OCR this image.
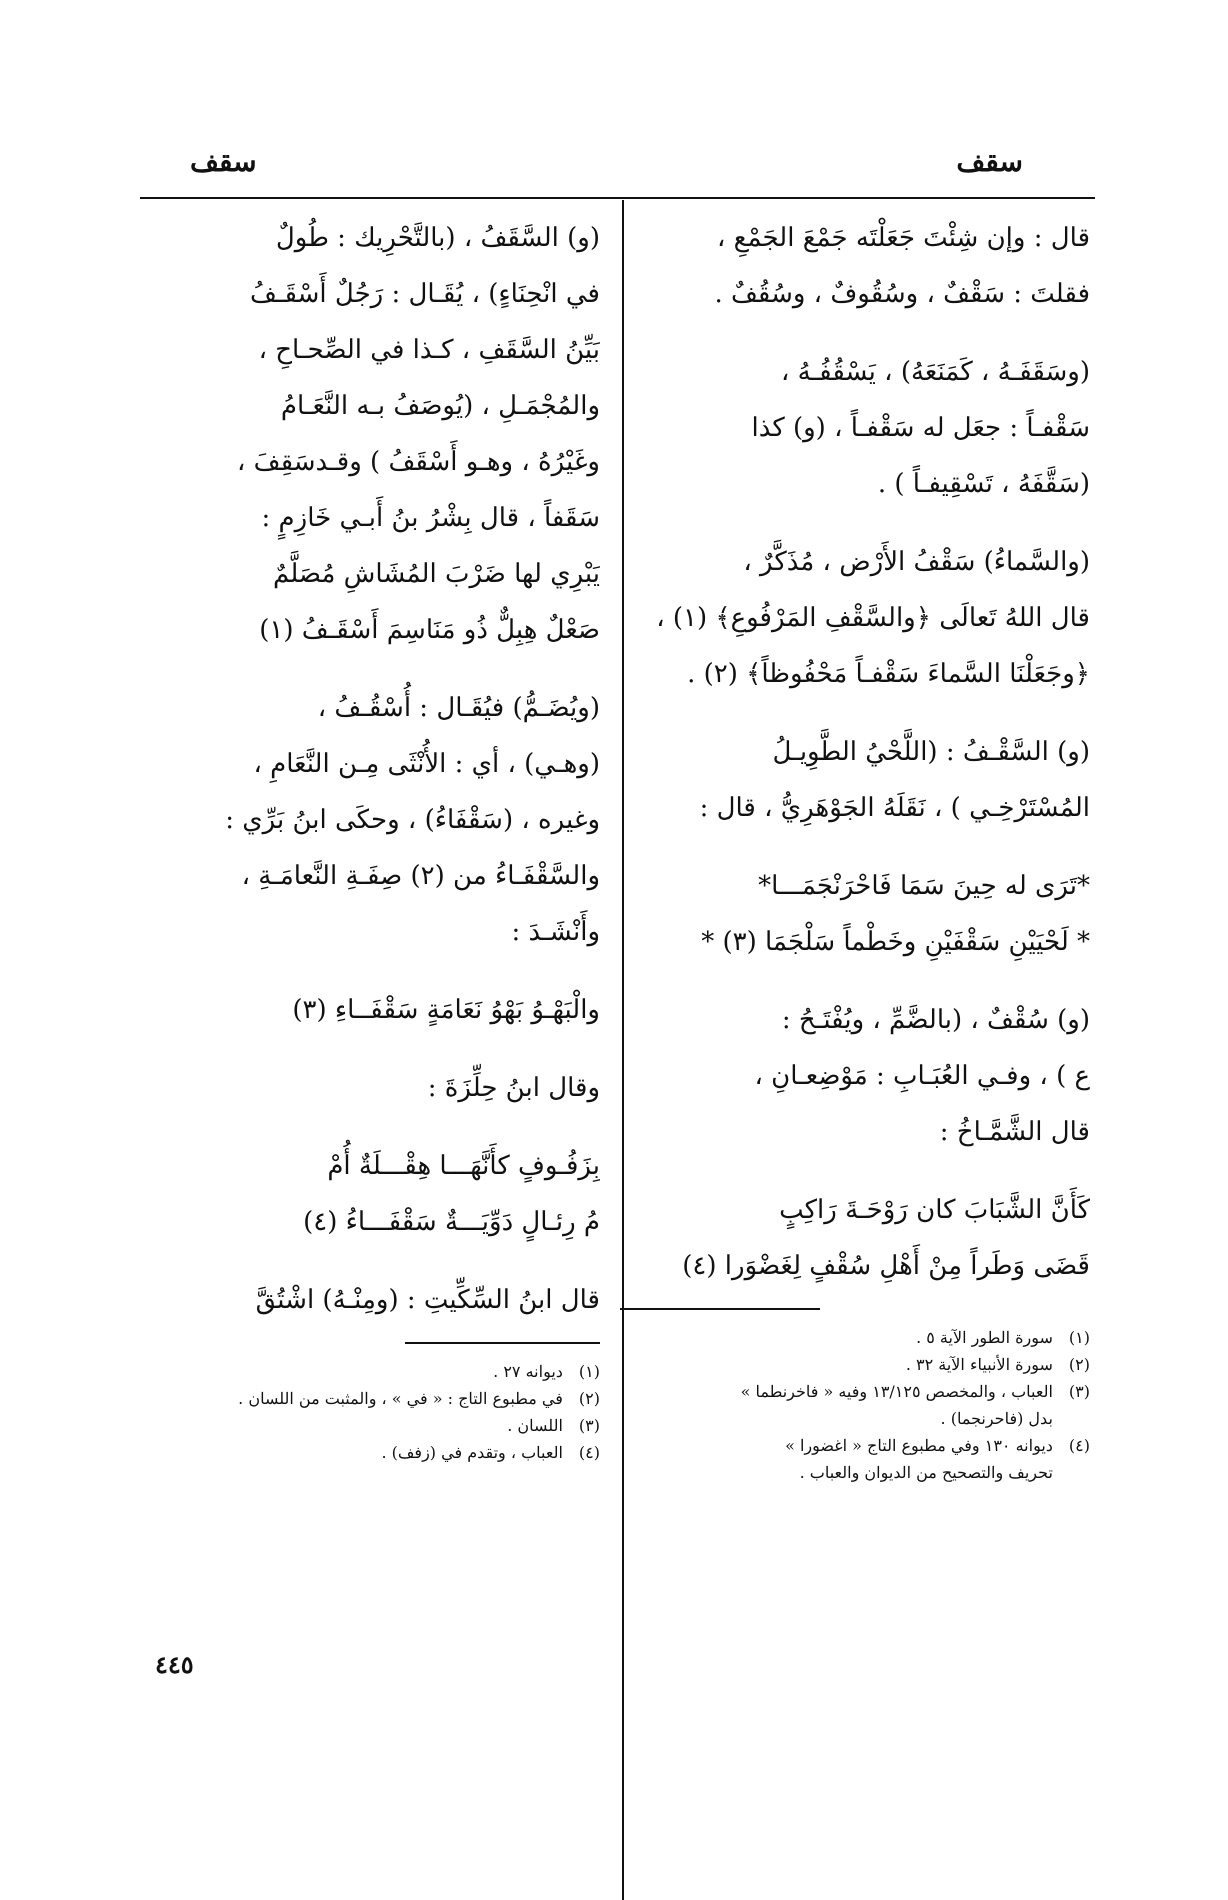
سقف
سقف
قال : وإن شِئْتَ جَعَلْتَه جَمْعَ الجَمْعِ ،
فقلتَ : سَقْفٌ ، وسُقُوفٌ ، وسُقُفٌ .
(وسَقَفَـهُ ، كَمَنَعَهُ) ، يَسْقُفُـهُ ،
سَقْفـاً : جعَل له سَقْفـاً ، (و) كذا
(سَقَّفَهُ ، تَسْقِيفـاً ) .
(والسَّماءُ) سَقْفُ الأَرْض ، مُذَكَّرٌ ،
قال اللهُ تَعالَى ﴿والسَّقْفِ المَرْفُوعِ﴾ (١) ،
﴿وجَعَلْنَا السَّماءَ سَقْفـاً مَحْفُوظاً﴾ (٢) .
(و) السَّقْـفُ : (اللَّحْيُ الطَّوِيـلُ
المُسْتَرْخِـي ) ، نَقَلَهُ الجَوْهَرِيُّ ، قال :
*تَرَى له حِينَ سَمَا فَاحْرَنْجَمَـــا*
* لَحْيَيْنِ سَقْفَيْنِ وخَطْماً سَلْجَمَا (٣) *
(و) سُقْفٌ ، (بالضَّمِّ ، ويُفْتَـحُ :
ع ) ، وفـي العُبَـابِ : مَوْضِعـانِ ،
قال الشَّمَّـاخُ :
كَأَنَّ الشَّبَابَ كان رَوْحَـةَ رَاكِبٍ
قَضَى وَطَراً مِنْ أَهْلِ سُقْفٍ لِغَضْوَرا (٤)
(١) سورة الطور الآية ٥ .
(٢) سورة الأنبياء الآية ٣٢ .
(٣) العباب ، والمخصص ١٣/١٢٥ وفيه « فاخرنطما »
بدل (فاحرنجما) .
(٤) ديوانه ١٣٠ وفي مطبوع التاج « اغضورا »
تحريف والتصحيح من الديوان والعباب .
(و) السَّقَفُ ، (بالتَّحْرِيك : طُولٌ
في انْحِنَاءٍ) ، يُقَـال : رَجُلٌ أَسْقَـفُ
بَيِّنُ السَّقَفِ ، كـذا في الصِّحـاحِ ،
والمُجْمَـلِ ، (يُوصَفُ بـه النَّعَـامُ
وغَيْرُهُ ، وهـو أَسْقَفُ ) وقـدسَقِفَ ،
سَقَفاً ، قال بِشْرُ بنُ أَبـي خَازِمٍ :
يَبْرِي لها ضَرْبَ المُشَاشِ مُصَلَّمٌ
صَعْلٌ هِبِلٌّ ذُو مَنَاسِمَ أَسْقَـفُ (١)
(ويُضَـمُّ) فيُقَـال : أُسْقُـفُ ،
(وهـي) ، أي : الأُنْثَى مِـن النَّعَامِ ،
وغيره ، (سَقْفَاءُ) ، وحكَى ابنُ بَرِّي :
والسَّقْفَـاءُ من (٢) صِفَـةِ النَّعامَـةِ ،
وأَنْشَـدَ :
والْبَهْـوُ بَهْوُ نَعَامَةٍ سَقْفَــاءِ (٣)
وقال ابنُ حِلِّزَةَ :
بِزَفُـوفٍ كأَنَّهَـــا هِقْـــلَةٌ أُمْ
مُ رِئـالٍ دَوِّيَـــةٌ سَقْفَـــاءُ (٤)
قال ابنُ السِّكِّيتِ : (ومِنْـهُ) اشْتُقَّ
(١) ديوانه ٢٧ .
(٢) في مطبوع التاج : « في » ، والمثبت من اللسان .
(٣) اللسان .
(٤) العباب ، وتقدم في (زفف) .
٤٤٥
